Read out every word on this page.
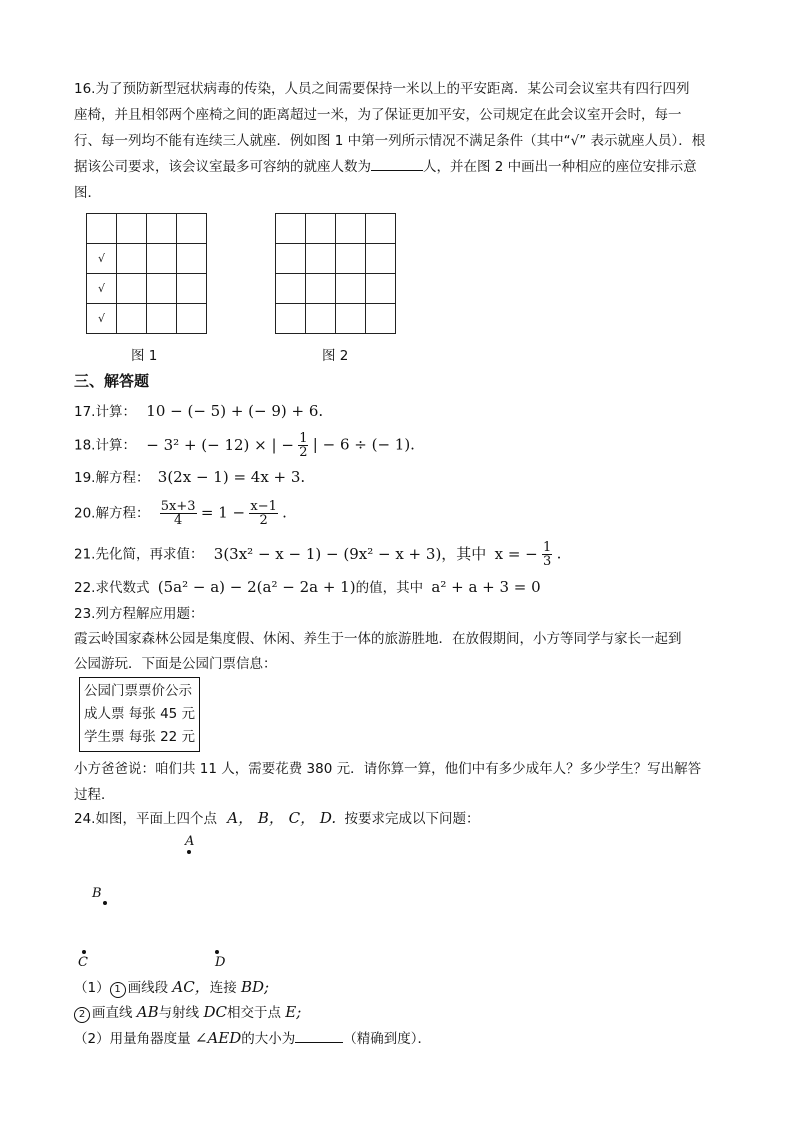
16.为了预防新型冠状病毒的传染，人员之间需要保持一米以上的平安距离．某公司会议室共有四行四列
座椅，并且相邻两个座椅之间的距离超过一米，为了保证更加平安，公司规定在此会议室开会时，每一
行、每一列均不能有连续三人就座．例如图 1 中第一列所示情况不满足条件（其中“√” 表示就座人员）．根
据该公司要求，该会议室最多可容纳的就座人数为	人，并在图 2 中画出一种相应的座位安排示意
图．

√			
√			
√			
图 1

				图 2
三、解答题
17.计算： 10 − (− 5) + (− 9) + 6.
18.计算： − 3² + (− 12) × | − $\frac{1}{2}$ | − 6 ÷ (− 1).
19.解方程： 3(2x − 1) = 4x + 3.
20.解方程： $\frac{5x+3}{4} = 1 - \frac{x-1}{2}$ .
21.先化简，再求值： 3(3x² − x − 1) − (9x² − x + 3)，其中 x = − $\frac{1}{3}$ .
22.求代数式 (5a² − a) − 2(a² − 2a + 1)的值，其中 a² + a + 3 = 0
23.列方程解应用题：
霞云岭国家森林公园是集度假、休闲、养生于一体的旅游胜地．在放假期间，小方等同学与家长一起到
公园游玩．下面是公园门票信息：
公园门票票价公示
成人票 每张 45 元
学生票 每张 22 元
小方爸爸说：咱们共 11 人，需要花费 380 元．请你算一算，他们中有多少成年人？多少学生？写出解答
过程．
24.如图，平面上四个点 A， B， C， D. 按要求完成以下问题：
A
B
C	D
（1） 1 画线段 AC，连接 BD;
2 画直线 AB与射线 DC相交于点 E;
（2）用量角器度量 ∠AED的大小为	（精确到度）．
